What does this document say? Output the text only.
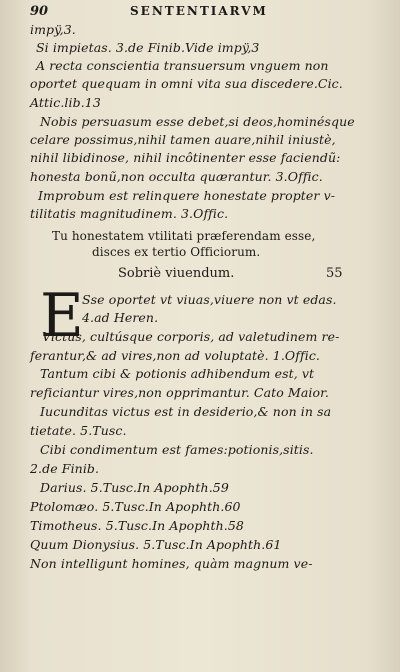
90	SENTENTIARVM
impÿ,3.
Si impietas. 3.de Finib.Vide impÿ,3
A recta conscientia transuersum vnguem non
oportet quequam in omni vita sua discedere.Cic.
Attic.lib.13
Nobis persuasum esse debet,si deos,hominésque
celare possimus,nihil tamen auare,nihil iniustè,
nihil libidinose, nihil incôtinenter esse faciendũ:
honesta bonũ,non occulta quærantur. 3.Offic.
Improbum est relinquere honestate propter v-
tilitatis magnitudinem. 3.Offic.
Tu honestatem vtilitati præferendam esse,
disces ex tertio Officiorum.
Sobriè viuendum.	55
E
Sse oportet vt viuas,viuere non vt edas.
4.ad Heren.
Victus, cultúsque corporis, ad valetudinem re-
ferantur,& ad vires,non ad voluptatè. 1.Offic.
Tantum cibi & potionis adhibendum est, vt
reficiantur vires,non opprimantur. Cato Maior.
Iucunditas victus est in desiderio,& non in sa
tietate. 5.Tusc.
Cibi condimentum est fames:potionis,sitis.
2.de Finib.
Darius. 5.Tusc.In Apophth.59
Ptolomæo. 5.Tusc.In Apophth.60
Timotheus. 5.Tusc.In Apophth.58
Quum Dionysius. 5.Tusc.In Apophth.61
Non intelligunt homines, quàm magnum ve-
